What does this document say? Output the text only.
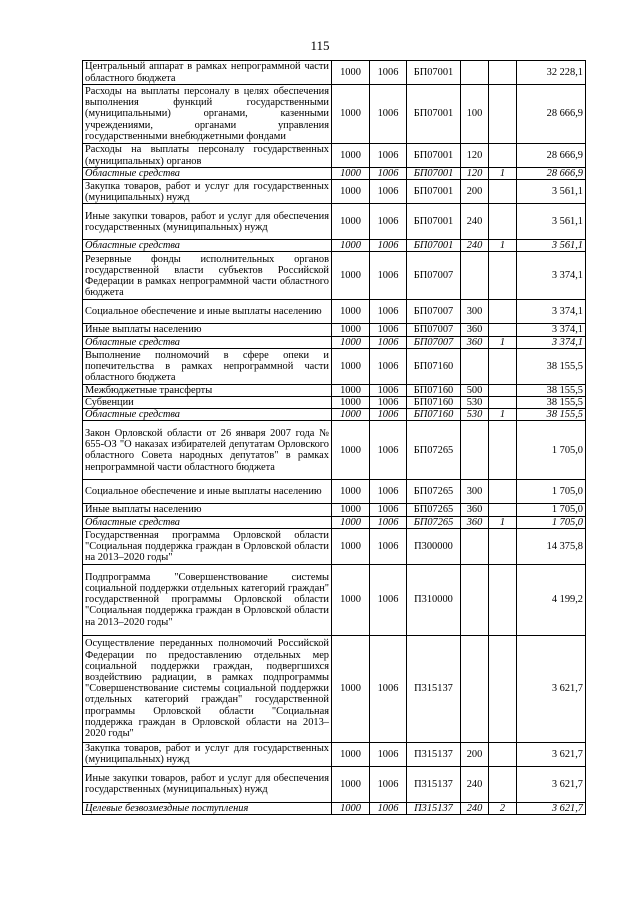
115
Центральный аппарат в рамках непрограммной части областного бюджета	1000	1006	БП07001			32 228,1
Расходы на выплаты персоналу в целях обеспечения выполнения функций государственными (муниципальными) органами, казенными учреждениями, органами управления государственными внебюджетными фондами	1000	1006	БП07001	100		28 666,9
Расходы на выплаты персоналу государственных (муниципальных) органов	1000	1006	БП07001	120		28 666,9
Областные средства	1000	1006	БП07001	120	1	28 666,9
Закупка товаров, работ и услуг для государственных (муниципальных) нужд	1000	1006	БП07001	200		3 561,1
Иные закупки товаров, работ и услуг для обеспечения государственных (муниципальных) нужд	1000	1006	БП07001	240		3 561,1
Областные средства	1000	1006	БП07001	240	1	3 561,1
Резервные фонды исполнительных органов государственной власти субъектов Российской Федерации в рамках непрограммной части областного бюджета	1000	1006	БП07007			3 374,1
Социальное обеспечение и иные выплаты населению	1000	1006	БП07007	300		3 374,1
Иные выплаты населению	1000	1006	БП07007	360		3 374,1
Областные средства	1000	1006	БП07007	360	1	3 374,1
Выполнение полномочий в сфере опеки и попечительства в рамках непрограммной части областного бюджета	1000	1006	БП07160			38 155,5
Межбюджетные трансферты	1000	1006	БП07160	500		38 155,5
Субвенции	1000	1006	БП07160	530		38 155,5
Областные средства	1000	1006	БП07160	530	1	38 155,5
Закон Орловской области от 26 января 2007 года № 655-ОЗ "О наказах избирателей депутатам Орловского областного Совета народных депутатов" в рамках непрограммной части областного бюджета	1000	1006	БП07265			1 705,0
Социальное обеспечение и иные выплаты населению	1000	1006	БП07265	300		1 705,0
Иные выплаты населению	1000	1006	БП07265	360		1 705,0
Областные средства	1000	1006	БП07265	360	1	1 705,0
Государственная программа Орловской области "Социальная поддержка граждан в Орловской области на 2013–2020 годы"	1000	1006	П300000			14 375,8
Подпрограмма "Совершенствование системы социальной поддержки отдельных категорий граждан" государственной программы Орловской области "Социальная поддержка граждан в Орловской области на 2013–2020 годы"	1000	1006	П310000			4 199,2
Осуществление переданных полномочий Российской Федерации по предоставлению отдельных мер социальной поддержки граждан, подвергшихся воздействию радиации, в рамках подпрограммы "Совершенствование системы социальной поддержки отдельных категорий граждан" государственной программы Орловской области "Социальная поддержка граждан в Орловской области на 2013–2020 годы"	1000	1006	П315137			3 621,7
Закупка товаров, работ и услуг для государственных (муниципальных) нужд	1000	1006	П315137	200		3 621,7
Иные закупки товаров, работ и услуг для обеспечения государственных (муниципальных) нужд	1000	1006	П315137	240		3 621,7
Целевые безвозмездные поступления	1000	1006	П315137	240	2	3 621,7
